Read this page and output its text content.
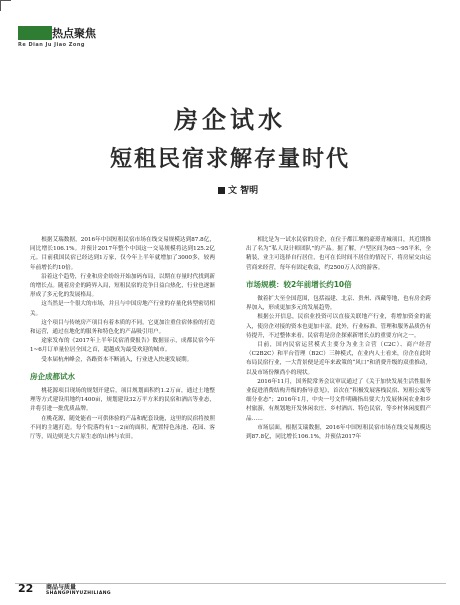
热点聚焦
Re Dian Ju Jiao Zong
房企试水
短租民宿求解存量时代
文 智明

根据艾瑞数据，2016年中国短租民宿市场在线交易规模达到87.8亿，同比增长106.1%。并预计2017年整个中国这一交易规模将达到125.2亿元。目前我国民宿已经达到1万家，仅今年上半年就增加了3000多，较两年前增长约10倍。

沿着这个趋势，行业和房企纷纷开始加码布局，以期在存量时代找到新的增长点。随着房企的跨界入局，短租民宿的竞争日益白热化，行业也逐渐形成了多元化的发展格局。

这当然是一个很大的市场，并且与中国房地产行业的存量化转型密切相关。

这个项目与传统房产项目有着本质的不同，它更加注重住宿体验的打造和运营，通过在地化的服务和特色化的产品吸引用户。

途家发布的《2017年上半年民宿消费报告》数据显示，成都民宿今年1~6月订单量位居全国之首，超越成为最受欢迎的城市。

受本届杭州峰会，各路资本不断涌入，行业进入快速发展期。

房企成都试水

桃花源项目现场的规划开建后，项目规划面积约1.2万亩，通过土地整理等方式建设用地约1400亩，规划建设32万平方米的民宿和酒店等业态，并将引进一批优质品牌。

在桃花源，随处能看一可供体验的产品和配套设施，这里的民宿将按照不同的主题打造。每个院落约有1～2亩的面积，配置特色泳池、花园、客厅等，周边则是大片原生态的山林与农田。

相比是为一试水民宿的房企，在位于都江堰的豪璟青城项目，其近期推出了名为“私人设计师团队”的产品。据了解，户型区间为65～95平米，全精装，业主可选择自行居住，也可在长时间不居住的情况下，将房屋交由运营商来经营，每年有固定收益，约2500万人次的游客。

市场规模：较2年前增长约10倍

做着扩大至全国范围，包括福建、北京、贵州、西藏等地，也有房企跨界加入，形成更加多元的发展趋势。

根据公开信息，民宿业投资可以直接关联地产行业，将增加资金的流入，使房企对接的资本也更加丰富。此外，行业标准、管理和服务品质仍有待提升，不过整体来看，民宿将是房企探索新增长点的重要方向之一。

目前，国内民宿运营模式主要分为业主合营（C2C）、商户经营（C2B2C）和平台管理（B2C）三种模式，在业内人士看来，房企在此时布局民宿行业，一大背景便是近年来政策的“风口”和消费升级的双重推动，以及市场份额尚小的现状。

2016年11月，国务院常务会议审议通过了《关于加快发展生活性服务业促进消费结构升级的指导意见》，首次在“积极发展客栈民宿、短租公寓等细分业态”；2016年1月，中央一号文件明确指出要大力发展休闲农业和乡村旅游，有规划地开发休闲农庄、乡村酒店、特色民宿，等乡村休闲度假产品……

市场层面，根据艾瑞数据，2016年中国短租民宿市场在线交易规模达到87.8亿，同比增长106.1%，并预估2017年

22 商品与质量
SHANGPINYUZHILIANG
